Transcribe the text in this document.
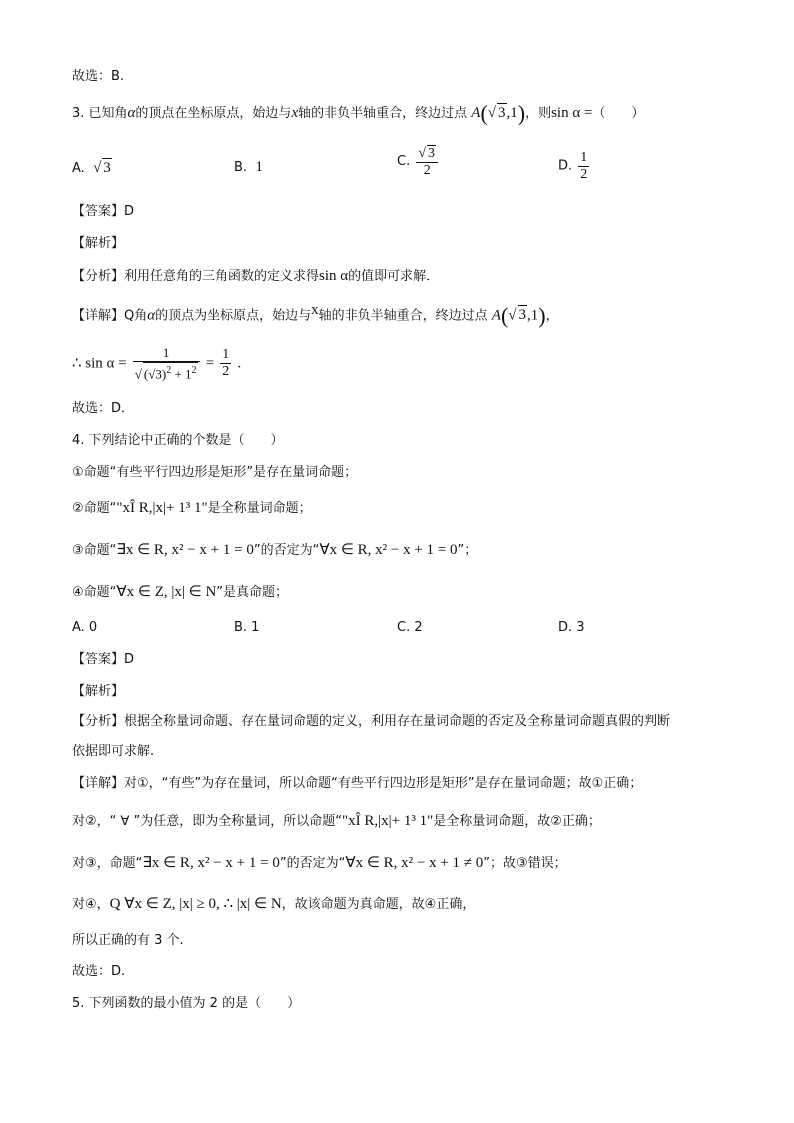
故选：B.
3. 已知角α的顶点在坐标原点，始边与x轴的非负半轴重合，终边过点 A(√ 3,1)，则sin α =（　　）
A. √ 3	B. 1	C. $\frac{√ 3}{2}$	D. $\frac{1}{2}$
【答案】D
【解析】
【分析】利用任意角的三角函数的定义求得sin α的值即可求解．
【详解】Q角α的顶点为坐标原点，始边与$^x$轴的非负半轴重合，终边过点 A(√ 3,1)，
∴ $\sin \alpha = \frac{1}{√ (√3)^2 + 1^2} = \frac{1}{2}$ .
故选：D．
4. 下列结论中正确的个数是（　　）
①命题“有些平行四边形是矩形”是存在量词命题；
②命题“"xÎ R,|x|+ 1³ 1"是全称量词命题；
③命题“∃x ∈ R, x² − x + 1 = 0”的否定为“∀x ∈ R, x² − x + 1 = 0”；
④命题“∀x ∈ Z, |x| ∈ N”是真命题；
A. 0	B. 1	C. 2	D. 3
【答案】D
【解析】
【分析】根据全称量词命题、存在量词命题的定义，利用存在量词命题的否定及全称量词命题真假的判断
依据即可求解.
【详解】对①，“有些”为存在量词，所以命题“有些平行四边形是矩形”是存在量词命题；故①正确；
对②，“ ∀ ”为任意，即为全称量词，所以命题“"xÎ R,|x|+ 1³ 1"是全称量词命题，故②正确；
对③，命题“∃x ∈ R, x² − x + 1 = 0”的否定为“∀x ∈ R, x² − x + 1 ≠ 0”；故③错误；
对④，Q ∀x ∈ Z, |x| ≥ 0, ∴ |x| ∈ N，故该命题为真命题，故④正确，
所以正确的有 3 个.
故选：D.
5. 下列函数的最小值为 2 的是（　　）
